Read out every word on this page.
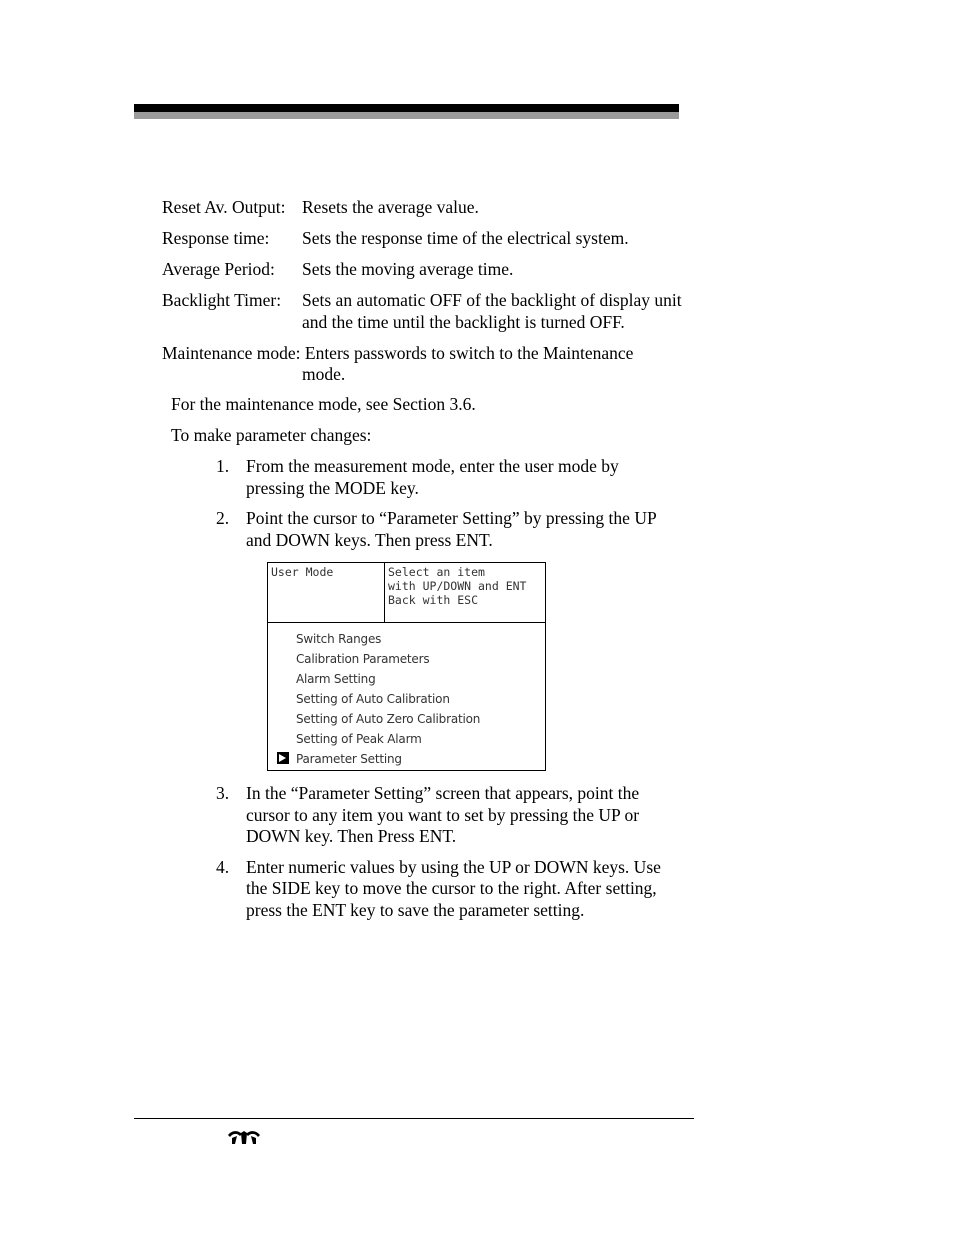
Reset Av. Output: Resets the average value.
Response time:	Sets the response time of the electrical system.
Average Period:	Sets the moving average time.
Backlight Timer:	Sets an automatic OFF of the backlight of display unit and the time until the backlight is turned OFF.
Maintenance mode: Enters passwords to switch to the Maintenance
mode.
For the maintenance mode, see Section 3.6.
To make parameter changes:
1. From the measurement mode, enter the user mode by pressing the MODE key.
2. Point the cursor to “Parameter Setting” by pressing the UP and DOWN keys. Then press ENT.
User Mode	Select an item
with UP/DOWN and ENT
Back with ESC
Switch Ranges
Calibration Parameters
Alarm Setting
Setting of Auto Calibration
Setting of Auto Zero Calibration
Setting of Peak Alarm
Parameter Setting
3. In the “Parameter Setting” screen that appears, point the cursor to any item you want to set by pressing the UP or DOWN key. Then Press ENT.
4. Enter numeric values by using the UP or DOWN keys. Use the SIDE key to move the cursor to the right. After setting, press the ENT key to save the parameter setting.
